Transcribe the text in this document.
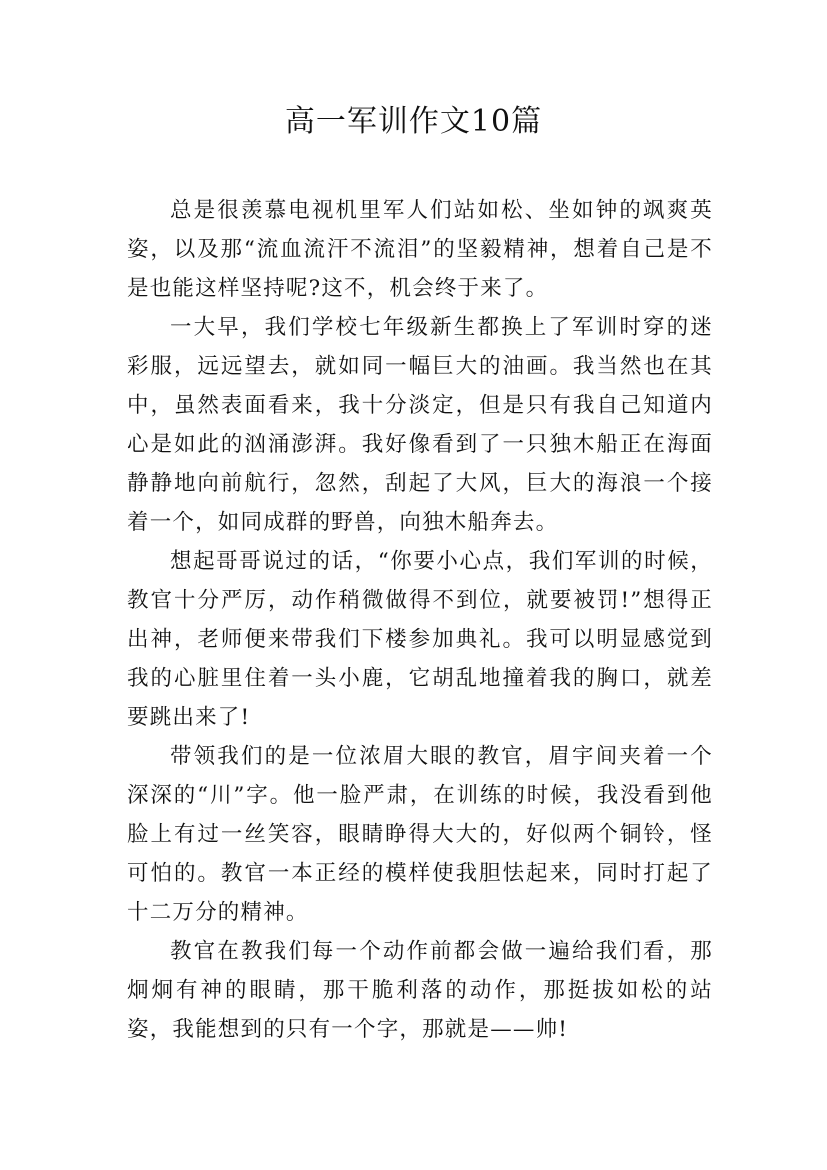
高一军训作文10篇

总是很羡慕电视机里军人们站如松、坐如钟的飒爽英姿，以及那“流血流汗不流泪”的坚毅精神，想着自己是不是也能这样坚持呢?这不，机会终于来了。

一大早，我们学校七年级新生都换上了军训时穿的迷彩服，远远望去，就如同一幅巨大的油画。我当然也在其中，虽然表面看来，我十分淡定，但是只有我自己知道内心是如此的汹涌澎湃。我好像看到了一只独木船正在海面静静地向前航行，忽然，刮起了大风，巨大的海浪一个接着一个，如同成群的野兽，向独木船奔去。

想起哥哥说过的话，“你要小心点，我们军训的时候，教官十分严厉，动作稍微做得不到位，就要被罚!”想得正出神，老师便来带我们下楼参加典礼。我可以明显感觉到我的心脏里住着一头小鹿，它胡乱地撞着我的胸口，就差要跳出来了!

带领我们的是一位浓眉大眼的教官，眉宇间夹着一个深深的“川”字。他一脸严肃，在训练的时候，我没看到他脸上有过一丝笑容，眼睛睁得大大的，好似两个铜铃，怪可怕的。教官一本正经的模样使我胆怯起来，同时打起了十二万分的精神。

教官在教我们每一个动作前都会做一遍给我们看，那炯炯有神的眼睛，那干脆利落的动作，那挺拔如松的站姿，我能想到的只有一个字，那就是——帅!
